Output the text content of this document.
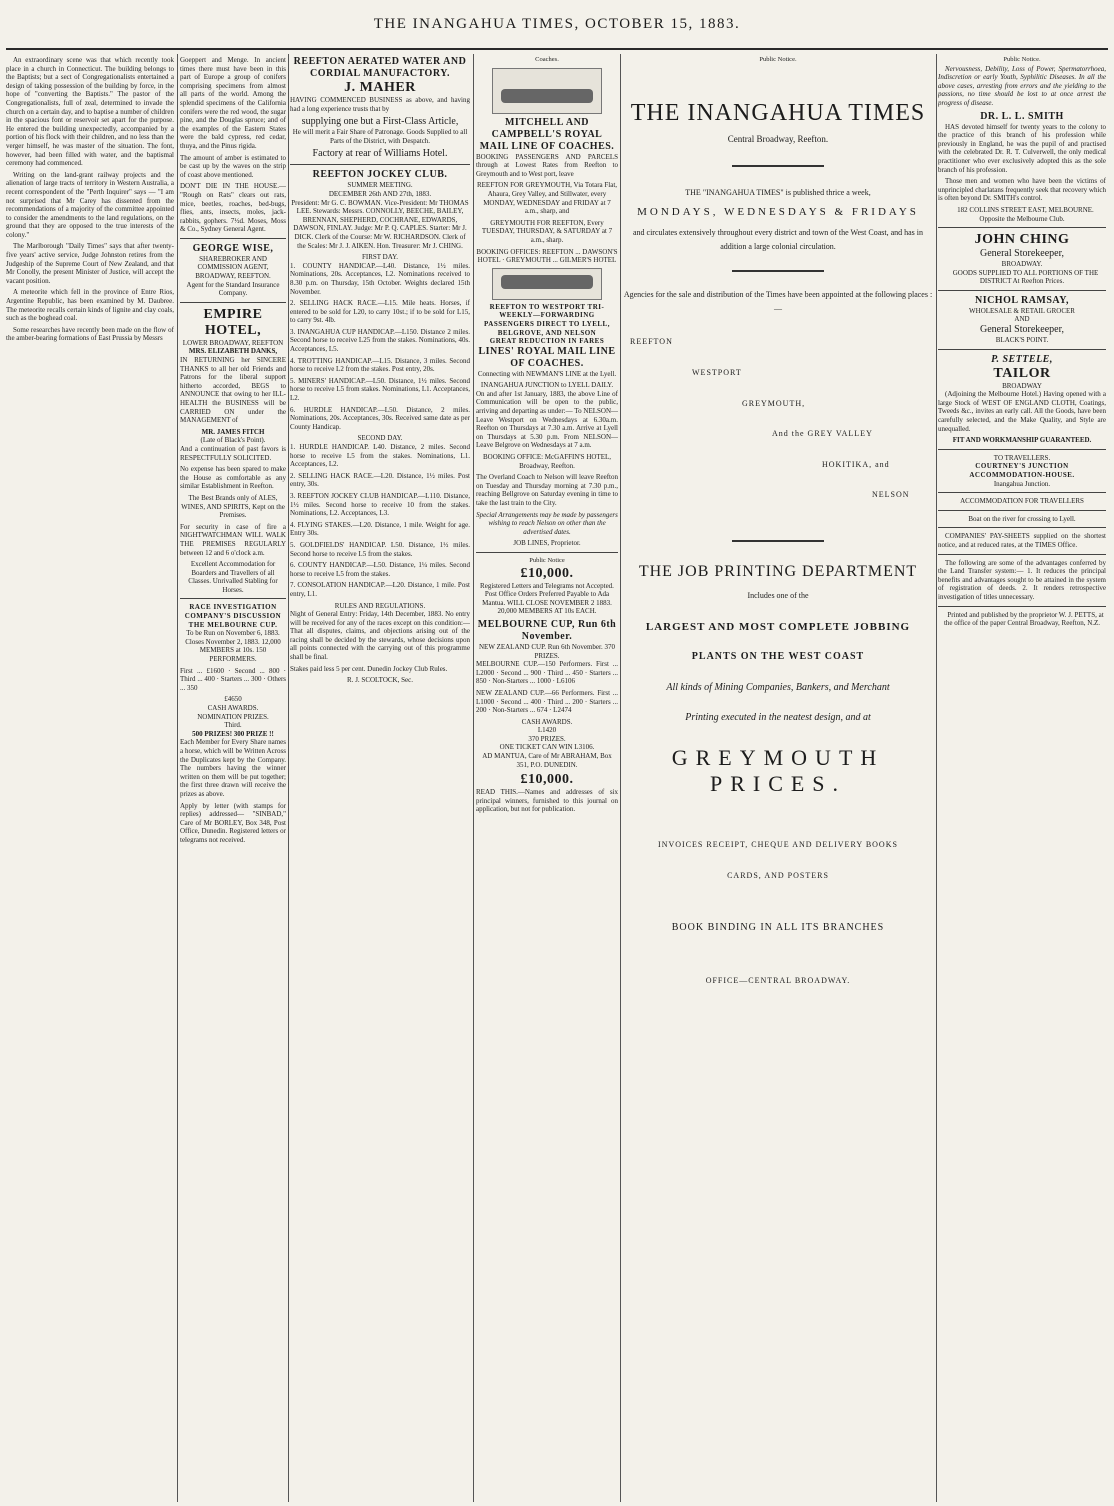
THE INANGAHUA TIMES, OCTOBER 15, 1883.

An extraordinary scene was that which recently took place in a church in Connecticut. The building belongs to the Baptists; but a sect of Congregationalists entertained a design of taking possession of the building by force, in the hope of "converting the Baptists." The pastor of the Congregationalists, full of zeal, determined to invade the church on a certain day, and to baptise a number of children in the spacious font or reservoir set apart for the purpose. He entered the building unexpectedly, accompanied by a portion of his flock with their children, and no less than the verger himself, he was master of the situation. The font, however, had been filled with water, and the baptismal ceremony had commenced.

Writing on the land-grant railway projects and the alienation of large tracts of territory in Western Australia, a recent correspondent of the "Perth Inquirer" says — "I am not surprised that Mr Carey has dissented from the recommendations of a majority of the committee appointed to consider the amendments to the land regulations, on the ground that they are opposed to the true interests of the colony."

The Marlborough "Daily Times" says that after twenty-five years' active service, Judge Johnston retires from the Judgeship of the Supreme Court of New Zealand, and that Mr Conolly, the present Minister of Justice, will accept the vacant position.

A meteorite which fell in the province of Entre Rios, Argentine Republic, has been examined by M. Daubree. The meteorite recalls certain kinds of lignite and clay coals, such as the boghead coal.

Some researches have recently been made on the flow of the amber-bearing formations of East Prussia by Messrs

Goeppert and Menge. In ancient times there must have been in this part of Europe a group of conifers comprising specimens from almost all parts of the world. Among the splendid specimens of the California conifers were the red wood, the sugar pine, and the Douglas spruce; and of the examples of the Eastern States were the bald cypress, red cedar, thuya, and the Pinus rigida.

The amount of amber is estimated to be cast up by the waves on the strip of coast above mentioned.

DON'T DIE IN THE HOUSE.— "Rough on Rats" clears out rats, mice, beetles, roaches, bed-bugs, flies, ants, insects, moles, jack-rabbits, gophers. 7½d. Moses, Moss & Co., Sydney General Agent.

GEORGE WISE,
SHAREBROKER AND COMMISSION AGENT,
BROADWAY, REEFTON.
Agent for the Standard Insurance Company.
EMPIRE HOTEL,
LOWER BROADWAY, REEFTON
MRS. ELIZABETH DANKS,

IN RETURNING her SINCERE THANKS to all her old Friends and Patrons for the liberal support hitherto accorded, BEGS to ANNOUNCE that owing to her ILL-HEALTH the BUSINESS will be CARRIED ON under the MANAGEMENT of

MR. JAMES FITCH
(Late of Black's Point).

And a continuation of past favors is RESPECTFULLY SOLICITED.

No expense has been spared to make the House as comfortable as any similar Establishment in Reefton.

The Best Brands only of ALES, WINES, AND SPIRITS, Kept on the Premises.

For security in case of fire a NIGHTWATCHMAN WILL WALK THE PREMISES REGULARLY between 12 and 6 o'clock a.m.

Excellent Accommodation for Boarders and Travellers of all Classes. Unrivalled Stabling for Horses.

RACE INVESTIGATION COMPANY'S DISCUSSION THE MELBOURNE CUP.

To be Run on November 6, 1883. Closes November 2, 1883. 12,000 MEMBERS at 10s. 150 PERFORMERS.

First ... £1600 · Second ... 800 · Third ... 400 · Starters ... 300 · Others ... 350

£4650
CASH AWARDS.
NOMINATION PRIZES.
Third.
500 PRIZES! 300 PRIZE !!

Each Member for Every Share names a horse, which will be Written Across the Duplicates kept by the Company. The numbers having the winner written on them will be put together; the first three drawn will receive the prizes as above.

Apply by letter (with stamps for replies) addressed— "SINBAD," Care of Mr BORLEY, Box 348, Post Office, Dunedin. Registered letters or telegrams not received.

REEFTON AERATED WATER AND CORDIAL MANUFACTORY.
J. MAHER

HAVING COMMENCED BUSINESS as above, and having had a long experience trusts that by

supplying one but a First-Class Article,

He will merit a Fair Share of Patronage. Goods Supplied to all Parts of the District, with Despatch.

Factory at rear of Williams Hotel.
REEFTON JOCKEY CLUB.
SUMMER MEETING.
DECEMBER 26th AND 27th, 1883.

President: Mr G. C. BOWMAN. Vice-President: Mr THOMAS LEE. Stewards: Messrs. CONNOLLY, BEECHE, BAILEY, BRENNAN, SHEPHERD, COCHRANE, EDWARDS, DAWSON, FINLAY. Judge: Mr P. Q. CAPLES. Starter: Mr J. DICK. Clerk of the Course: Mr W. RICHARDSON. Clerk of the Scales: Mr J. J. AIKEN. Hon. Treasurer: Mr J. CHING.

FIRST DAY.

1. COUNTY HANDICAP.—L40. Distance, 1½ miles. Nominations, 20s. Acceptances, L2. Nominations received to 8.30 p.m. on Thursday, 15th October. Weights declared 15th November.

2. SELLING HACK RACE.—L15. Mile heats. Horses, if entered to be sold for L20, to carry 10st.; if to be sold for L15, to carry 9st. 4lb.

3. INANGAHUA CUP HANDICAP.—L150. Distance 2 miles. Second horse to receive L25 from the stakes. Nominations, 40s. Acceptances, L5.

4. TROTTING HANDICAP.—L15. Distance, 3 miles. Second horse to receive L2 from the stakes. Post entry, 20s.

5. MINERS' HANDICAP.—L50. Distance, 1½ miles. Second horse to receive L5 from stakes. Nominations, L1. Acceptances, L2.

6. HURDLE HANDICAP.—L50. Distance, 2 miles. Nominations, 20s. Acceptances, 30s. Received same date as per County Handicap.

SECOND DAY.

1. HURDLE HANDICAP. L40. Distance, 2 miles. Second horse to receive L5 from the stakes. Nominations, L1. Acceptances, L2.

2. SELLING HACK RACE.—L20. Distance, 1½ miles. Post entry, 30s.

3. REEFTON JOCKEY CLUB HANDICAP.—L110. Distance, 1½ miles. Second horse to receive 10 from the stakes. Nominations, L2. Acceptances, L3.

4. FLYING STAKES.—L20. Distance, 1 mile. Weight for age. Entry 30s.

5. GOLDFIELDS' HANDICAP. L50. Distance, 1½ miles. Second horse to receive L5 from the stakes.

6. COUNTY HANDICAP.—L50. Distance, 1¼ miles. Second horse to receive L5 from the stakes.

7. CONSOLATION HANDICAP.—L20. Distance, 1 mile. Post entry, L1.

RULES AND REGULATIONS.

Night of General Entry: Friday, 14th December, 1883. No entry will be received for any of the races except on this condition:—That all disputes, claims, and objections arising out of the racing shall be decided by the stewards, whose decisions upon all points connected with the carrying out of this programme shall be final.

Stakes paid less 5 per cent. Dunedin Jockey Club Rules.

R. J. SCOLTOCK, Sec.
Coaches.
MITCHELL AND CAMPBELL'S ROYAL MAIL LINE OF COACHES.

BOOKING PASSENGERS AND PARCELS through at Lowest Rates from Reefton to Greymouth and to West port, leave

REEFTON FOR GREYMOUTH, Via Totara Flat, Ahaura, Grey Valley, and Stillwater, every MONDAY, WEDNESDAY and FRIDAY at 7 a.m., sharp, and

GREYMOUTH FOR REEFTON, Every TUESDAY, THURSDAY, & SATURDAY at 7 a.m., sharp.

BOOKING OFFICES: REEFTON ... DAWSON'S HOTEL · GREYMOUTH ... GILMER'S HOTEL

REEFTON TO WESTPORT TRI-WEEKLY—FORWARDING PASSENGERS DIRECT TO LYELL, BELGROVE, AND NELSON
GREAT REDUCTION IN FARES
LINES' ROYAL MAIL LINE OF COACHES.

Connecting with NEWMAN'S LINE at the Lyell.

INANGAHUA JUNCTION to LYELL DAILY.

On and after 1st January, 1883, the above Line of Communication will be open to the public, arriving and departing as under:— To NELSON— Leave Westport on Wednesdays at 6.30a.m. Reefton on Thursdays at 7.30 a.m. Arrive at Lyell on Thursdays at 5.30 p.m. From NELSON— Leave Belgrove on Wednesdays at 7 a.m.

BOOKING OFFICE: McGAFFIN'S HOTEL, Broadway, Reefton.

The Overland Coach to Nelson will leave Reefton on Tuesday and Thursday morning at 7.30 p.m., reaching Bellgrove on Saturday evening in time to take the last train to the City.

Special Arrangements may be made by passengers wishing to reach Nelson on other than the advertised dates.

JOB LINES, Proprietor.
Public Notice
£10,000.

Registered Letters and Telegrams not Accepted. Post Office Orders Preferred Payable to Ada Mantua. WILL CLOSE NOVEMBER 2 1883. 20,000 MEMBERS AT 10s EACH.

MELBOURNE CUP, Run 6th November.
NEW ZEALAND CUP. Run 6th November. 370 PRIZES.

MELBOURNE CUP.—150 Performers. First ... L2000 · Second ... 900 · Third ... 450 · Starters ... 850 · Non-Starters ... 1000 · L6106

NEW ZEALAND CUP.—66 Performers. First ... L1000 · Second ... 400 · Third ... 200 · Starters ... 200 · Non-Starters ... 674 · L2474

CASH AWARDS.
L1420
370 PRIZES.
ONE TICKET CAN WIN L3106.

AD MANTUA, Care of Mr ABRAHAM, Box 351, P.O. DUNEDIN.

£10,000.

READ THIS.—Names and addresses of six principal winners, furnished to this journal on application, but not for publication.

Public Notice.
THE INANGAHUA TIMES
Central Broadway, Reefton.
THE "INANGAHUA TIMES" is published thrice a week,
MONDAYS, WEDNESDAYS & FRIDAYS
and circulates extensively throughout every district and town of the West Coast, and has in addition a large colonial circulation.
Agencies for the sale and distribution of the Times have been appointed at the following places :—
REEFTON
WESTPORT
GREYMOUTH,
And the GREY VALLEY
HOKITIKA, and
NELSON
THE JOB PRINTING DEPARTMENT
Includes one of the
LARGEST AND MOST COMPLETE JOBBING
PLANTS ON THE WEST COAST
All kinds of Mining Companies, Bankers, and Merchant
Printing executed in the neatest design, and at
GREYMOUTH PRICES.
INVOICES RECEIPT, CHEQUE AND DELIVERY BOOKS
CARDS, AND POSTERS
BOOK BINDING IN ALL ITS BRANCHES
OFFICE—CENTRAL BROADWAY.
Public Notice.

Nervousness, Debility, Loss of Power, Spermatorrhoea, Indiscretion or early Youth, Syphilitic Diseases. In all the above cases, arresting from errors and the yielding to the passions, no time should be lost to at once arrest the progress of disease.

DR. L. L. SMITH

HAS devoted himself for twenty years to the colony to the practice of this branch of his profession while previously in England, he was the pupil of and practised with the celebrated Dr. R. T. Culverwell, the only medical practitioner who ever exclusively adopted this as the sole branch of his profession.

Those men and women who have been the victims of unprincipled charlatans frequently seek that recovery which is often beyond Dr. SMITH's control.

182 COLLINS STREET EAST, MELBOURNE. Opposite the Melbourne Club.

JOHN CHING
General Storekeeper,
BROADWAY.

GOODS SUPPLIED TO ALL PORTIONS OF THE DISTRICT At Reefton Prices.

NICHOL RAMSAY,
WHOLESALE & RETAIL GROCER
AND
General Storekeeper,
BLACK'S POINT.
P. SETTELE,
TAILOR
BROADWAY

(Adjoining the Melbourne Hotel.) Having opened with a large Stock of WEST OF ENGLAND CLOTH, Coatings, Tweeds &c., invites an early call. All the Goods, have been carefully selected, and the Make Quality, and Style are unequalled.

FIT AND WORKMANSHIP GUARANTEED.
TO TRAVELLERS.
COURTNEY'S JUNCTION ACCOMMODATION-HOUSE.
Inangahua Junction.
ACCOMMODATION FOR TRAVELLERS
Boat on the river for crossing to Lyell.

COMPANIES' PAY-SHEETS supplied on the shortest notice, and at reduced rates, at the TIMES Office.

The following are some of the advantages conferred by the Land Transfer system:— 1. It reduces the principal benefits and advantages sought to be attained in the system of registration of deeds. 2. It renders retrospective investigation of titles unnecessary.

Printed and published by the proprietor W. J. PETTS, at the office of the paper Central Broadway, Reefton, N.Z.
